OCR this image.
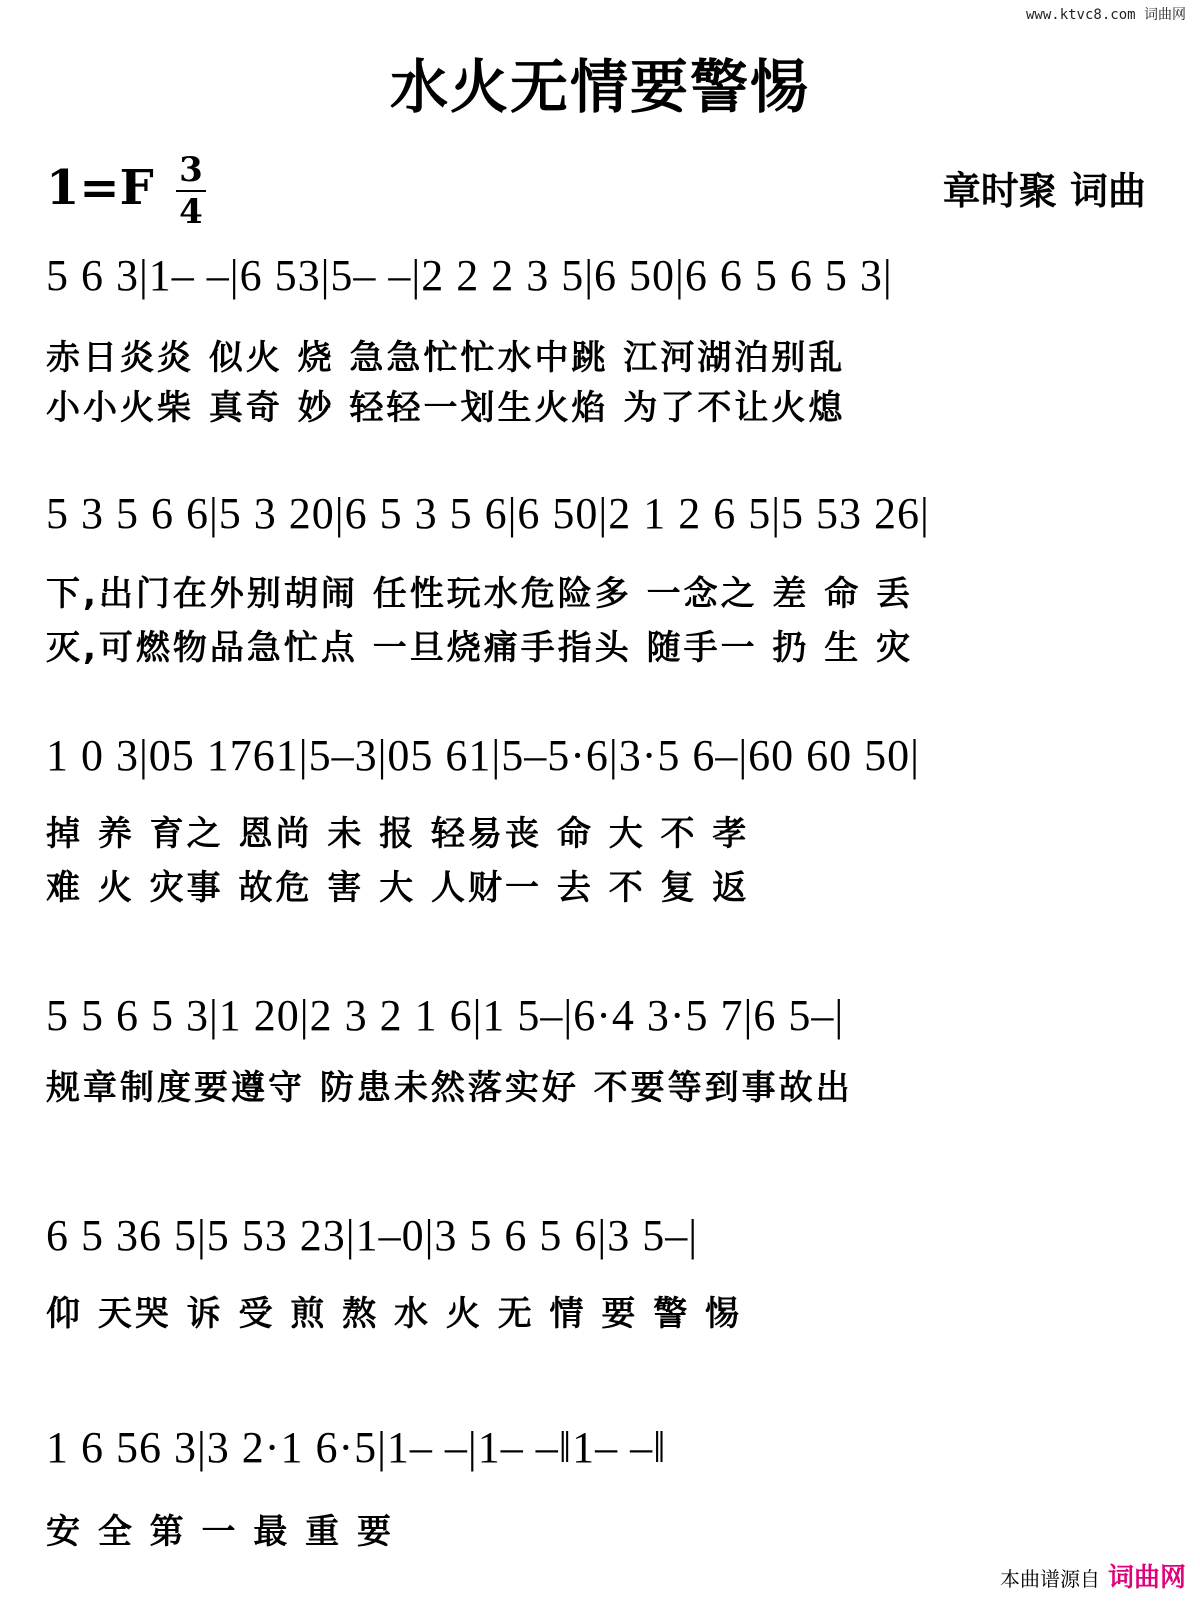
www.ktvc8.com 词曲网
水火无情要警惕
1=F 3
4	章时聚 词曲
5 6 3|1– –|6 53|5– –|2 2 2 3 5|6 50|6 6 5 6 5 3|
赤日炎炎 似火 烧 急急忙忙水中跳 江河湖泊别乱
小小火柴 真奇 妙 轻轻一划生火焰 为了不让火熄
5 3 5 6 6|5 3 20|6 5 3 5 6|6 50|2 1 2 6 5|5 53 26|
下,出门在外别胡闹 任性玩水危险多 一念之 差 命 丢
灭,可燃物品急忙点 一旦烧痛手指头 随手一 扔 生 灾
1 0 3|05 1761|5–3|05 61|5–5·6|3·5 6–|60 60 50|
掉 养 育之 恩尚 未 报 轻易丧 命 大 不 孝
难 火 灾事 故危 害 大 人财一 去 不 复 返
5 5 6 5 3|1 20|2 3 2 1 6|1 5–|6·4 3·5 7|6 5–|
规章制度要遵守 防患未然落实好 不要等到事故出
6 5 36 5|5 53 23|1–0|3 5 6 5 6|3 5–|
仰 天哭 诉 受 煎 熬 水 火 无 情 要 警 惕
1 6 56 3|3 2·1 6·5|1– –|1– –‖1– –‖
安 全 第 一 最 重 要
本曲谱源自 词曲网
